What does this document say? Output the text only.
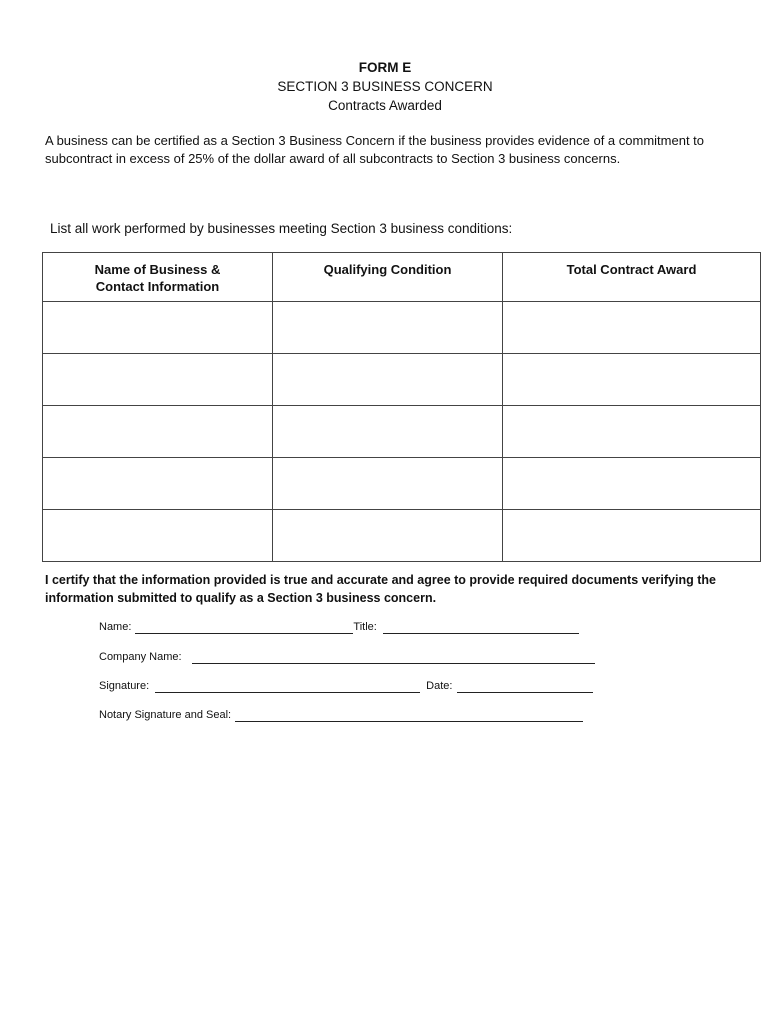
FORM E
SECTION 3 BUSINESS CONCERN
Contracts Awarded
A business can be certified as a Section 3 Business Concern if the business provides evidence of a commitment to subcontract in excess of 25% of the dollar award of all subcontracts to Section 3 business concerns.
List all work performed by businesses meeting Section 3 business conditions:
Name of Business & Contact Information	Qualifying Condition	Total Contract Award

I certify that the information provided is true and accurate and agree to provide required documents verifying the information submitted to qualify as a Section 3 business concern.
Name:	Title:
Company Name:
Signature:	Date:
Notary Signature and Seal:
